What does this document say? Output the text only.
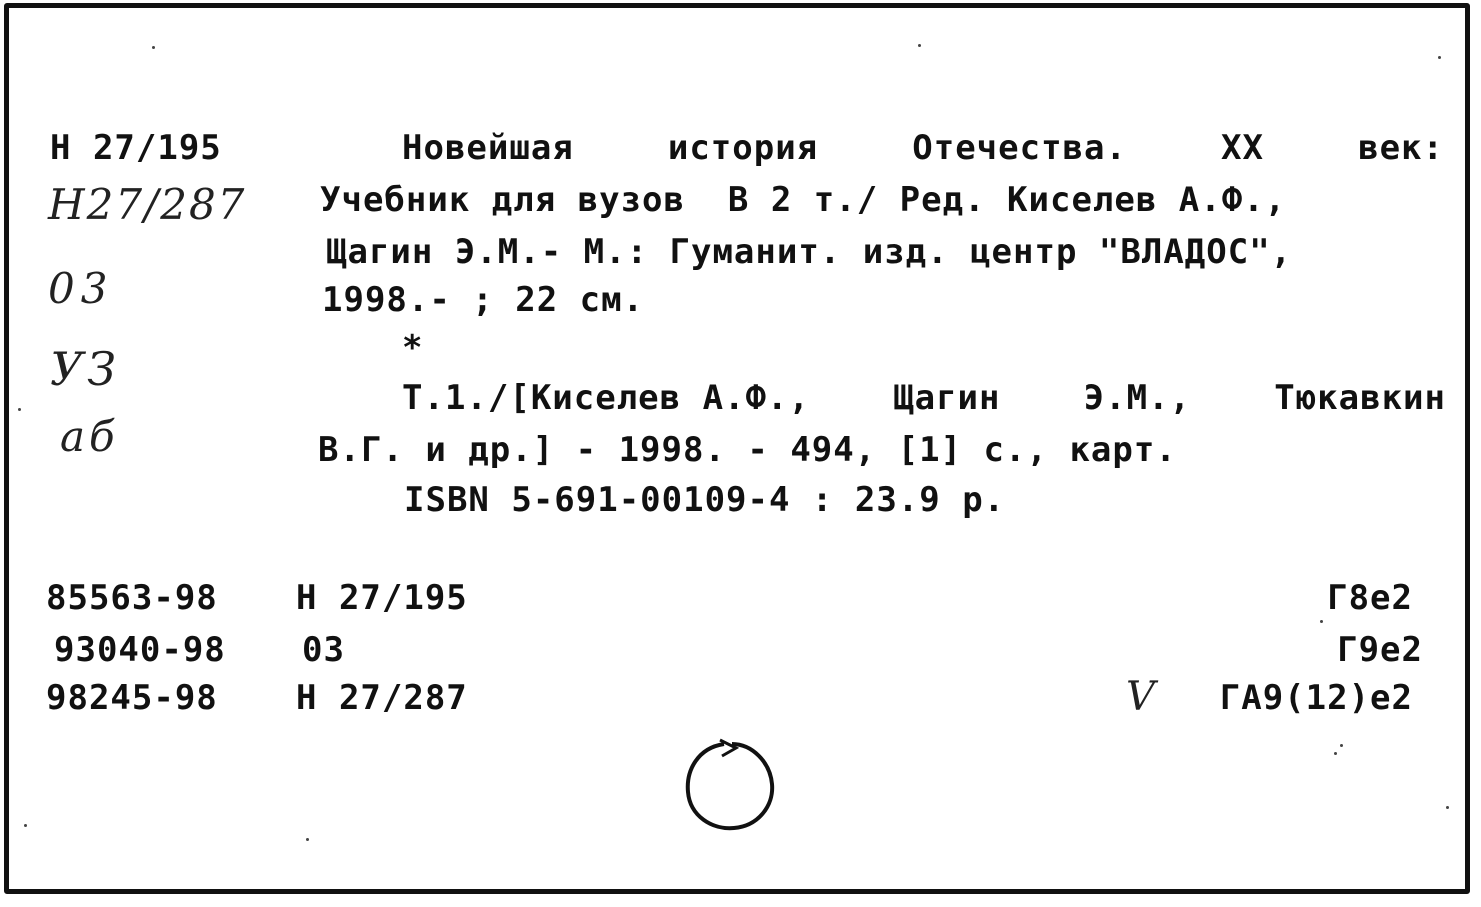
Н 27/195
Н27/287
03
УЗ
аб
Новейшая	история	Отечества.	XX	век:
Учебник для вузов  В 2 т./ Ред. Киселев А.Ф.,
Щагин Э.М.- М.: Гуманит. изд. центр "ВЛАДОС",
1998.- ; 22 см.
*
Т.1./[Киселев А.Ф., Щагин Э.М., Тюкавкин
В.Г. и др.] - 1998. - 494, [1] с., карт.
ISBN 5-691-00109-4 : 23.9 р.
85563-98 Н 27/195	Г8е2
93040-98 03	Г9е2
98245-98 Н 27/287	V ГА9(12)е2
